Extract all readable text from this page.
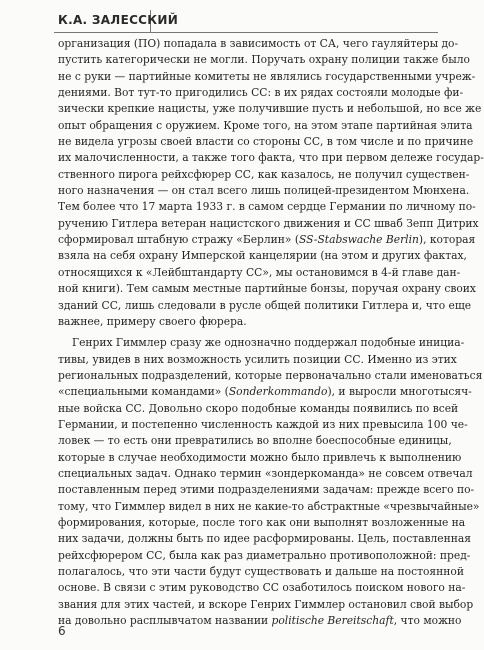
К.А. ЗАЛЕССКИЙ
организация (ПО) попадала в зависимость от СА, чего гауляйтеры до-
пустить категорически не могли. Поручать охрану полиции также было
не с руки — партийные комитеты не являлись государственными учреж-
дениями. Вот тут-то пригодились СС: в их рядах состояли молодые фи-
зически крепкие нацисты, уже получившие пусть и небольшой, но все же
опыт обращения с оружием. Кроме того, на этом этапе партийная элита
не видела угрозы своей власти со стороны СС, в том числе и по причине
их малочисленности, а также того факта, что при первом дележе государ-
ственного пирога рейхсфюрер СС, как казалось, не получил существен-
ного назначения — он стал всего лишь полицей-президентом Мюнхена.
Тем более что 17 марта 1933 г. в самом сердце Германии по личному по-
ручению Гитлера ветеран нацистского движения и СС шваб Зепп Дитрих
сформировал штабную стражу «Берлин» (SS-Stabswache Berlin), которая
взяла на себя охрану Имперской канцелярии (на этом и других фактах,
относящихся к «Лейбштандарту СС», мы остановимся в 4-й главе дан-
ной книги). Тем самым местные партийные бонзы, поручая охрану своих
зданий СС, лишь следовали в русле общей политики Гитлера и, что еще
важнее, примеру своего фюрера.
Генрих Гиммлер сразу же однозначно поддержал подобные инициа-
тивы, увидев в них возможность усилить позиции СС. Именно из этих
региональных подразделений, которые первоначально стали именоваться
«специальными командами» (Sonderkommando), и выросли многотысяч-
ные войска СС. Довольно скоро подобные команды появились по всей
Германии, и постепенно численность каждой из них превысила 100 че-
ловек — то есть они превратились во вполне боеспособные единицы,
которые в случае необходимости можно было привлечь к выполнению
специальных задач. Однако термин «зондеркоманда» не совсем отвечал
поставленным перед этими подразделениями задачам: прежде всего по-
тому, что Гиммлер видел в них не какие-то абстрактные «чрезвычайные»
формирования, которые, после того как они выполнят возложенные на
них задачи, должны быть по идее расформированы. Цель, поставленная
рейхсфюрером СС, была как раз диаметрально противоположной: пред-
полагалось, что эти части будут существовать и дальше на постоянной
основе. В связи с этим руководство СС озаботилось поиском нового на-
звания для этих частей, и вскоре Генрих Гиммлер остановил свой выбор
на довольно расплывчатом названии politische Bereitschaft, что можно
6
